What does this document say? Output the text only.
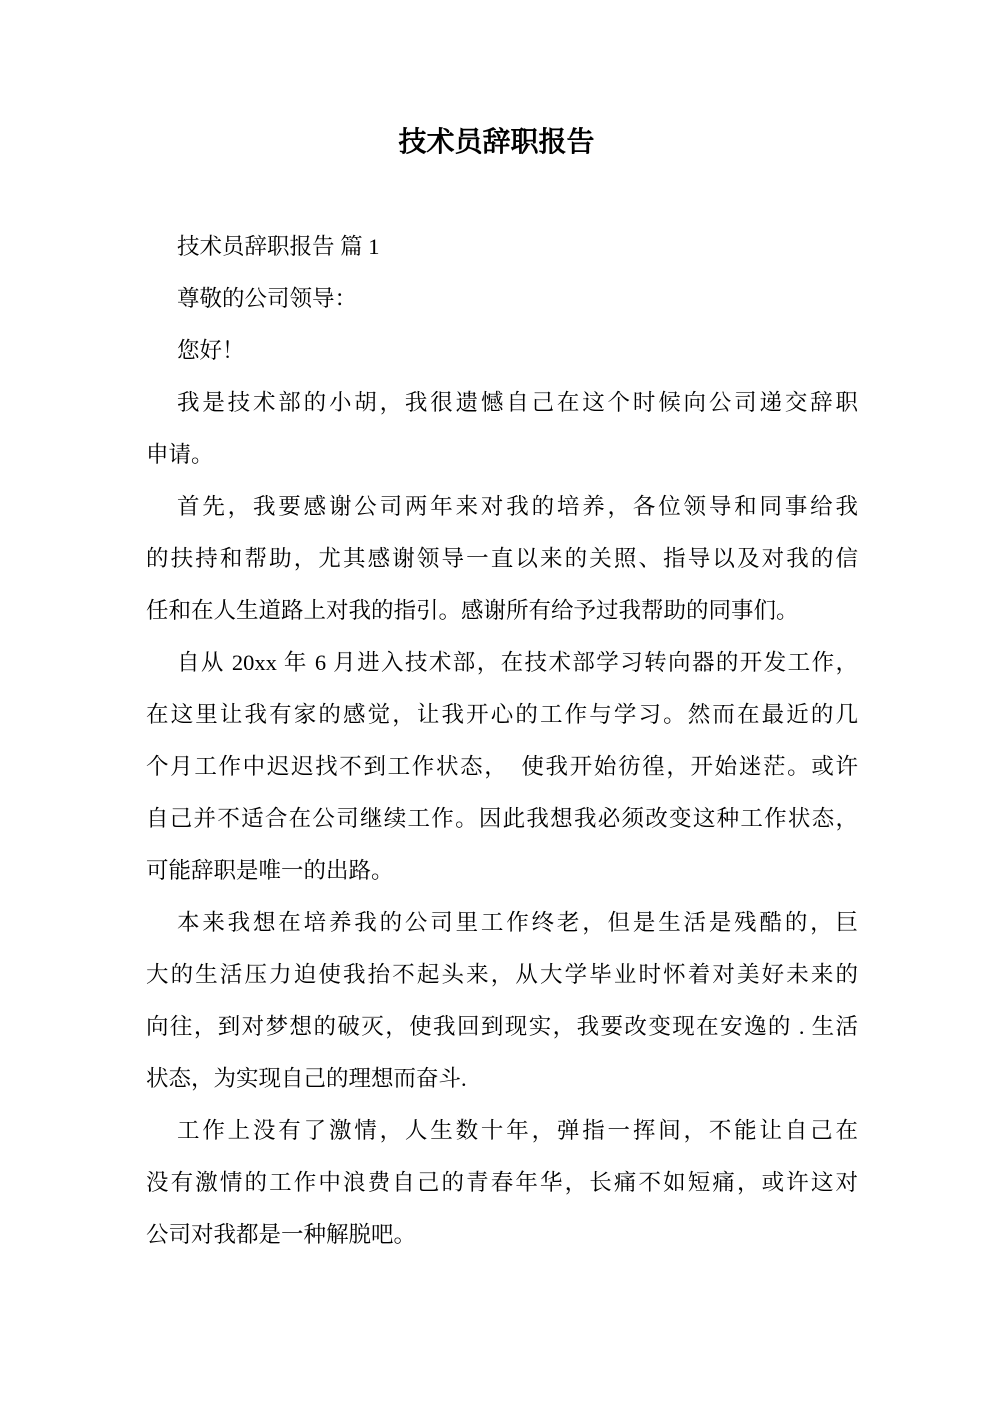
技术员辞职报告

技术员辞职报告 篇 1

尊敬的公司领导：

您好！

我是技术部的小胡，我很遗憾自己在这个时候向公司递交辞职
申请。

首先，我要感谢公司两年来对我的培养，各位领导和同事给我
的扶持和帮助，尤其感谢领导一直以来的关照、指导以及对我的信
任和在人生道路上对我的指引。感谢所有给予过我帮助的同事们。

自从 20xx 年 6 月进入技术部，在技术部学习转向器的开发工作，
在这里让我有家的感觉，让我开心的工作与学习。然而在最近的几
个月工作中迟迟找不到工作状态，　使我开始彷徨，开始迷茫。或许
自己并不适合在公司继续工作。因此我想我必须改变这种工作状态，
可能辞职是唯一的出路。

本来我想在培养我的公司里工作终老，但是生活是残酷的，巨
大的生活压力迫使我抬不起头来，从大学毕业时怀着对美好未来的
向往，到对梦想的破灭，使我回到现实，我要改变现在安逸的 . 生活
状态，为实现自己的理想而奋斗.

工作上没有了激情，人生数十年，弹指一挥间，不能让自己在
没有激情的工作中浪费自己的青春年华，长痛不如短痛，或许这对
公司对我都是一种解脱吧。
